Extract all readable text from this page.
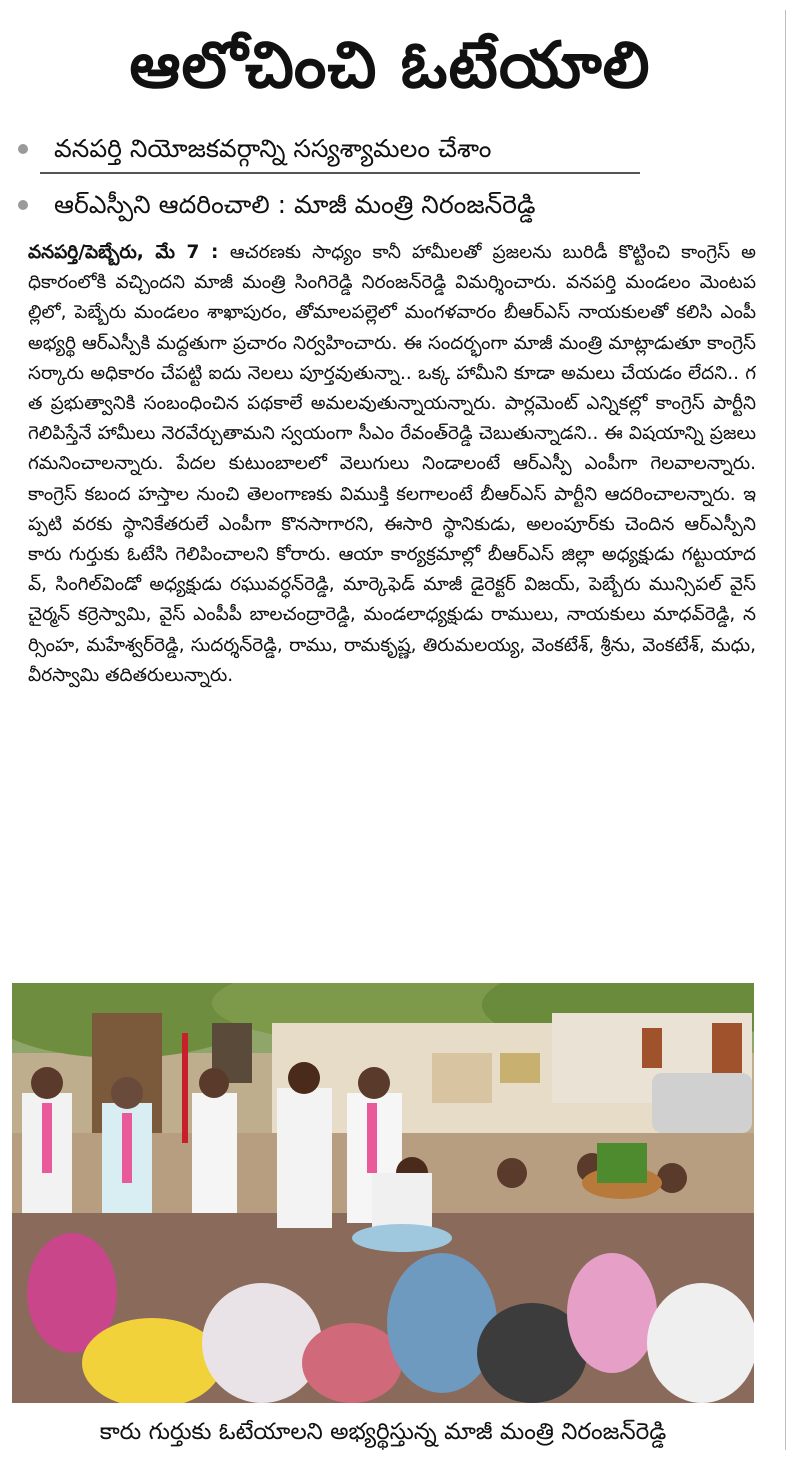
ఆలోచించి ఓటేయాలి
వనపర్తి నియోజకవర్గాన్ని సస్యశ్యామలం చేశాం
ఆర్ఎస్పీని ఆదరించాలి : మాజీ మంత్రి నిరంజన్‌రెడ్డి
వనపర్తి/పెబ్బేరు, మే 7 : ఆచరణకు సాధ్యం కానీ హామీలతో ప్రజలను బురిడీ కొట్టించి కాంగ్రెస్ అధికారంలోకి వచ్చిందని మాజీ మంత్రి సింగిరెడ్డి నిరంజన్‌రెడ్డి విమర్శించారు. వనపర్తి మండలం మెంటపల్లిలో, పెబ్బేరు మండలం శాఖాపురం, తోమాలపల్లెలో మంగళవారం బీఆర్ఎస్ నాయకులతో కలిసి ఎంపీ అభ్యర్థి ఆర్ఎస్పీకి మద్దతుగా ప్రచారం నిర్వహించారు. ఈ సందర్భంగా మాజీ మంత్రి మాట్లాడుతూ కాంగ్రెస్ సర్కారు అధికారం చేపట్టి ఐదు నెలలు పూర్తవుతున్నా.. ఒక్క హామీని కూడా అమలు చేయడం లేదని.. గత ప్రభుత్వానికి సంబంధించిన పథకాలే అమలవుతున్నాయన్నారు. పార్లమెంట్ ఎన్నికల్లో కాంగ్రెస్ పార్టీని గెలిపిస్తేనే హామీలు నెరవేర్చుతామని స్వయంగా సీఎం రేవంత్‌రెడ్డి చెబుతున్నాడని.. ఈ విషయాన్ని ప్రజలు గమనించాలన్నారు. పేదల కుటుంబాలలో వెలుగులు నిండాలంటే ఆర్ఎస్పీ ఎంపీగా గెలవాలన్నారు. కాంగ్రెస్ కబంద హస్తాల నుంచి తెలంగాణకు విముక్తి కలగాలంటే బీఆర్ఎస్ పార్టీని ఆదరించాలన్నారు. ఇప్పటి వరకు స్థానికేతరులే ఎంపీగా కొనసాగారని, ఈసారి స్థానికుడు, అలంపూర్‌కు చెందిన ఆర్ఎస్పీని కారు గుర్తుకు ఓటేసి గెలిపించాలని కోరారు. ఆయా కార్యక్రమాల్లో బీఆర్ఎస్ జిల్లా అధ్యక్షుడు గట్టుయాదవ్, సింగిల్‌విండో అధ్యక్షుడు రఘువర్ధన్‌రెడ్డి, మార్కెఫెడ్ మాజీ డైరెక్టర్ విజయ్, పెబ్బేరు మున్సిపల్ వైస్ చైర్మన్ కర్రెస్వామి, వైస్ ఎంపీపీ బాలచంద్రారెడ్డి, మండలాధ్యక్షుడు రాములు, నాయకులు మాధవ్‌రెడ్డి, నర్సింహ, మహేశ్వర్‌రెడ్డి, సుదర్శన్‌రెడ్డి, రాము, రామకృష్ణ, తిరుమలయ్య, వెంకటేశ్, శ్రీను, వెంకటేశ్, మధు, వీరస్వామి తదితరులున్నారు.
కారు గుర్తుకు ఓటేయాలని అభ్యర్థిస్తున్న మాజీ మంత్రి నిరంజన్‌రెడ్డి
